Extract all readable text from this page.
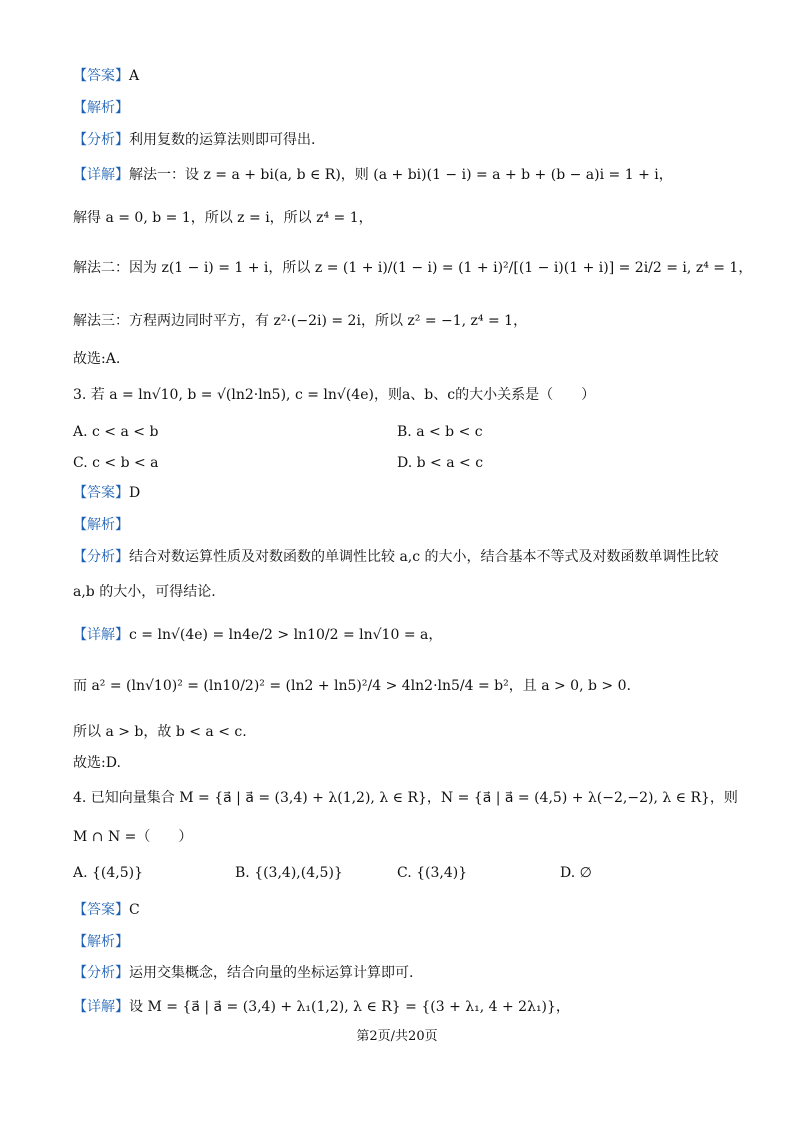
【答案】A
【解析】
【分析】利用复数的运算法则即可得出.
【详解】解法一：设 z = a + bi(a, b ∈ R)，则 (a + bi)(1 − i) = a + b + (b − a)i = 1 + i，
解得 a = 0, b = 1，所以 z = i，所以 z⁴ = 1，
解法二：因为 z(1 − i) = 1 + i，所以 z = (1 + i)/(1 − i) = (1 + i)²/[(1 − i)(1 + i)] = 2i/2 = i, z⁴ = 1，
解法三：方程两边同时平方，有 z²·(−2i) = 2i，所以 z² = −1, z⁴ = 1，
故选:A.
3. 若 a = ln√10, b = √(ln2·ln5), c = ln√(4e)，则a、b、c的大小关系是（　　）
A. c < a < b	B. a < b < c
C. c < b < a	D. b < a < c
【答案】D
【解析】
【分析】结合对数运算性质及对数函数的单调性比较 a,c 的大小，结合基本不等式及对数函数单调性比较
a,b 的大小，可得结论.
【详解】c = ln√(4e) = ln4e/2 > ln10/2 = ln√10 = a，
而 a² = (ln√10)² = (ln10/2)² = (ln2 + ln5)²/4 > 4ln2·ln5/4 = b²，且 a > 0, b > 0.
所以 a > b，故 b < a < c.
故选:D.
4. 已知向量集合 M = {a⃗ | a⃗ = (3,4) + λ(1,2), λ ∈ R}，N = {a⃗ | a⃗ = (4,5) + λ(−2,−2), λ ∈ R}，则
M ∩ N =（　　）
A. {(4,5)}	B. {(3,4),(4,5)}	C. {(3,4)}	D. ∅
【答案】C
【解析】
【分析】运用交集概念，结合向量的坐标运算计算即可.
【详解】设 M = {a⃗ | a⃗ = (3,4) + λ₁(1,2), λ ∈ R} = {(3 + λ₁, 4 + 2λ₁)}，
第2页/共20页
